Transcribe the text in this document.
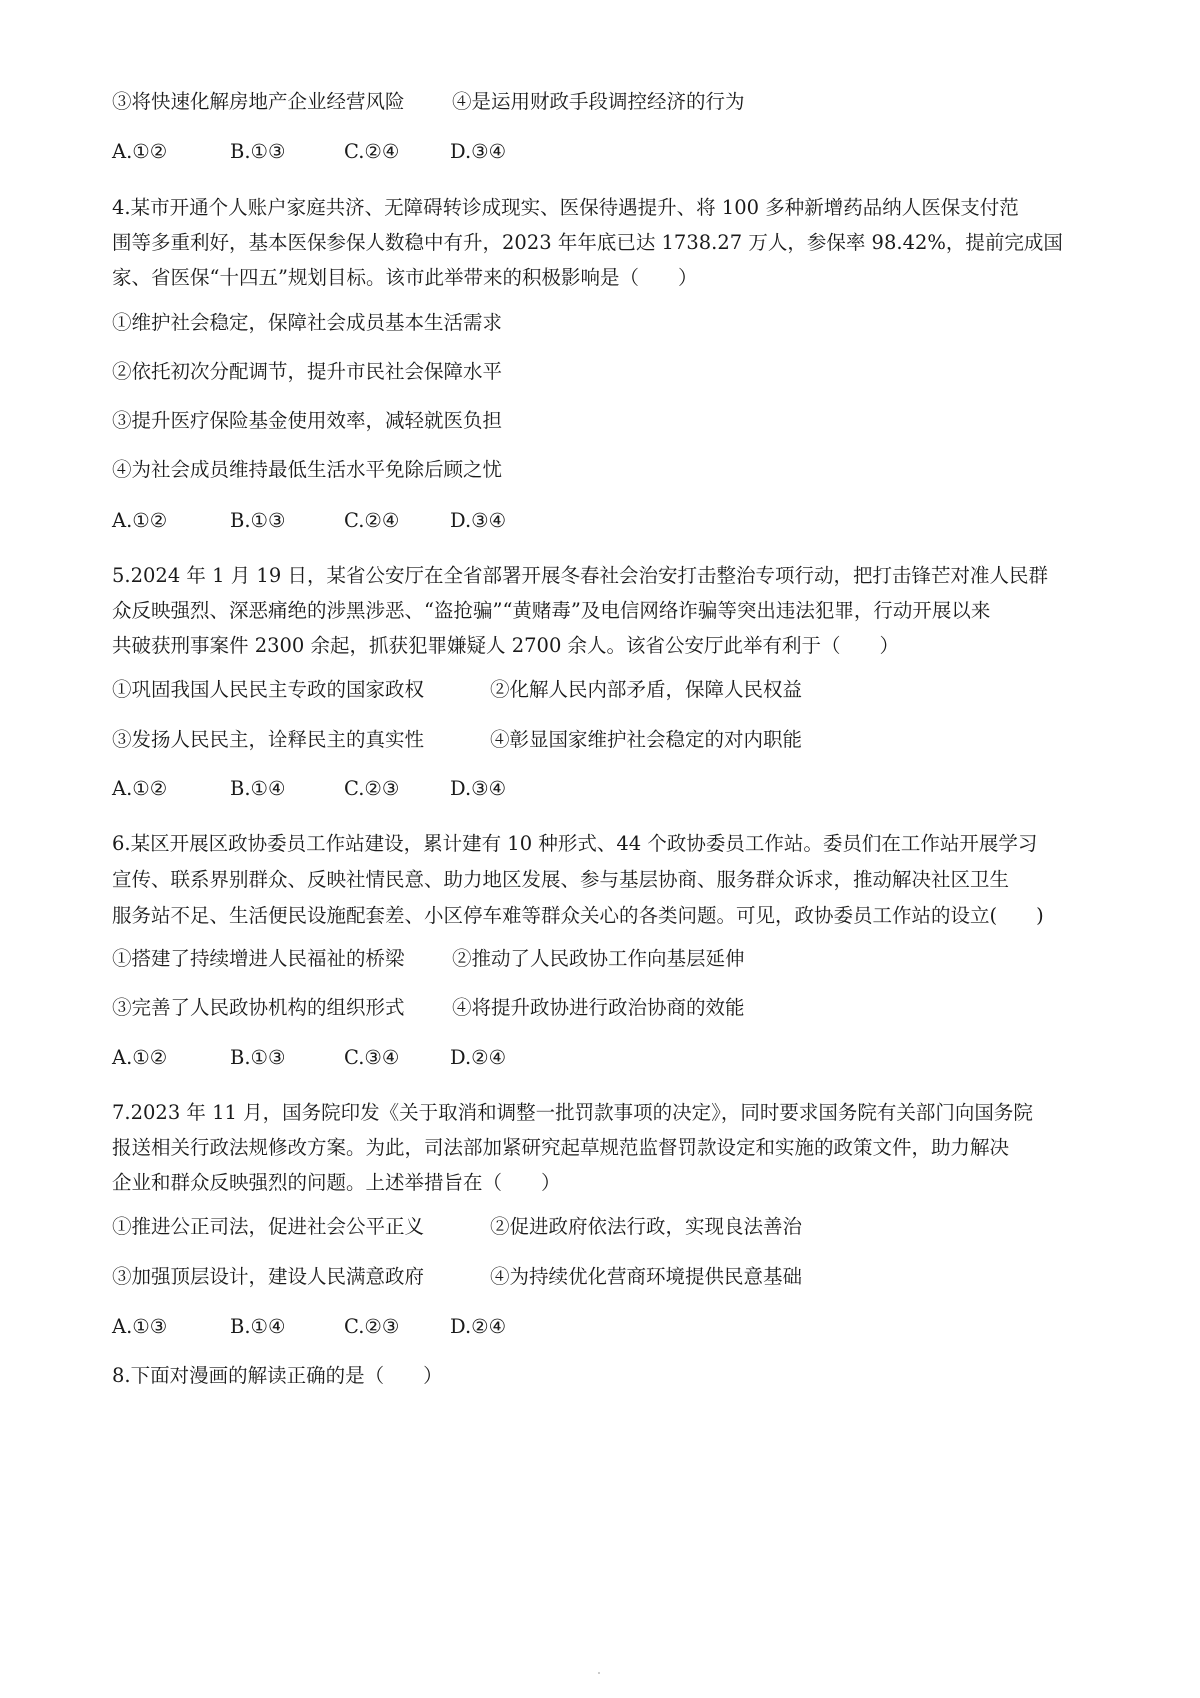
③将快速化解房地产企业经营风险 ④是运用财政手段调控经济的行为
A.①②	B.①③	C.②④	D.③④
4.某市开通个人账户家庭共济、无障碍转诊成现实、医保待遇提升、将 100 多种新增药品纳人医保支付范
围等多重利好，基本医保参保人数稳中有升，2023 年年底已达 1738.27 万人，参保率 98.42%，提前完成国
家、省医保“十四五”规划目标。该市此举带来的积极影响是（　　）
①维护社会稳定，保障社会成员基本生活需求
②依托初次分配调节，提升市民社会保障水平
③提升医疗保险基金使用效率，减轻就医负担
④为社会成员维持最低生活水平免除后顾之忧
A.①②	B.①③	C.②④	D.③④
5.2024 年 1 月 19 日，某省公安厅在全省部署开展冬春社会治安打击整治专项行动，把打击锋芒对准人民群
众反映强烈、深恶痛绝的涉黑涉恶、“盗抢骗”“黄赌毒”及电信网络诈骗等突出违法犯罪，行动开展以来
共破获刑事案件 2300 余起，抓获犯罪嫌疑人 2700 余人。该省公安厅此举有利于（　　）
①巩固我国人民民主专政的国家政权	②化解人民内部矛盾，保障人民权益
③发扬人民民主，诠释民主的真实性	④彰显国家维护社会稳定的对内职能
A.①②	B.①④	C.②③	D.③④
6.某区开展区政协委员工作站建设，累计建有 10 种形式、44 个政协委员工作站。委员们在工作站开展学习
宣传、联系界别群众、反映社情民意、助力地区发展、参与基层协商、服务群众诉求，推动解决社区卫生
服务站不足、生活便民设施配套差、小区停车难等群众关心的各类问题。可见，政协委员工作站的设立(　　)
①搭建了持续增进人民福祉的桥梁 ②推动了人民政协工作向基层延伸
③完善了人民政协机构的组织形式 ④将提升政协进行政治协商的效能
A.①②	B.①③	C.③④	D.②④
7.2023 年 11 月，国务院印发《关于取消和调整一批罚款事项的决定》，同时要求国务院有关部门向国务院
报送相关行政法规修改方案。为此，司法部加紧研究起草规范监督罚款设定和实施的政策文件，助力解决
企业和群众反映强烈的问题。上述举措旨在（　　）
①推进公正司法，促进社会公平正义	②促进政府依法行政，实现良法善治
③加强顶层设计，建设人民满意政府	④为持续优化营商环境提供民意基础
A.①③	B.①④	C.②③	D.②④
8.下面对漫画的解读正确的是（　　）
